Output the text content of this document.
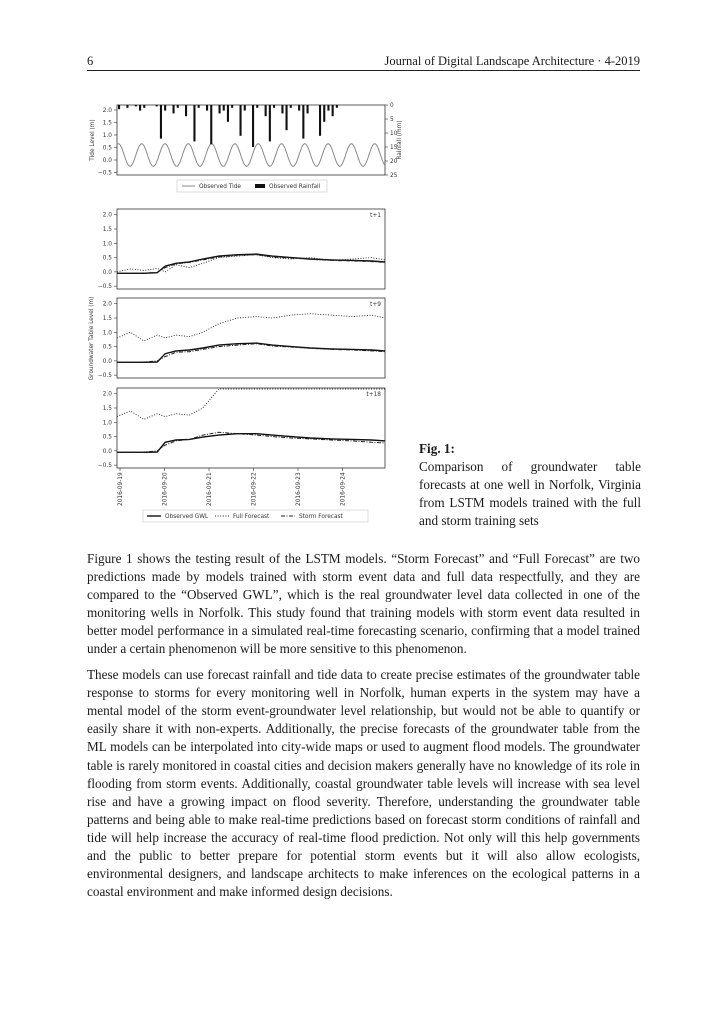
6	Journal of Digital Landscape Architecture · 4-2019
2.0
1.5
1.0
0.5
0.0
−0.5
0
5
10
15
20
25
Tide Level (m)	Rainfall (mm)
Observed Tide	Observed Rainfall
2.0
1.5
1.0
0.5
0.0
−0.5
t+1
2.0
1.5
1.0
0.5
0.0
−0.5
t+9
2.0
1.5
1.0
0.5
0.0
−0.5
t+18
Groundwater Table Level (m)
2016-09-19	2016-09-20	2016-09-21	2016-09-22	2016-09-23	2016-09-24
Observed GWL	Full Forecast	Storm Forecast
Fig. 1:
Comparison of groundwater table forecasts at one well in Norfolk, Virginia from LSTM models trained with the full and storm training sets

Figure 1 shows the testing result of the LSTM models. “Storm Forecast” and “Full Forecast” are two predictions made by models trained with storm event data and full data respectfully, and they are compared to the “Observed GWL”, which is the real groundwater level data collected in one of the monitoring wells in Norfolk. This study found that training models with storm event data resulted in better model performance in a simulated real-time forecasting scenario, confirming that a model trained under a certain phenomenon will be more sensitive to this phenomenon.

These models can use forecast rainfall and tide data to create precise estimates of the groundwater table response to storms for every monitoring well in Norfolk, human experts in the system may have a mental model of the storm event-groundwater level relationship, but would not be able to quantify or easily share it with non-experts. Additionally, the precise forecasts of the groundwater table from the ML models can be interpolated into city-wide maps or used to augment flood models. The groundwater table is rarely monitored in coastal cities and decision makers generally have no knowledge of its role in flooding from storm events. Additionally, coastal groundwater table levels will increase with sea level rise and have a growing impact on flood severity. Therefore, understanding the groundwater table patterns and being able to make real-time predictions based on forecast storm conditions of rainfall and tide will help increase the accuracy of real-time flood prediction. Not only will this help governments and the public to better prepare for potential storm events but it will also allow ecologists, environmental designers, and landscape architects to make inferences on the ecological patterns in a coastal environment and make informed design decisions.
